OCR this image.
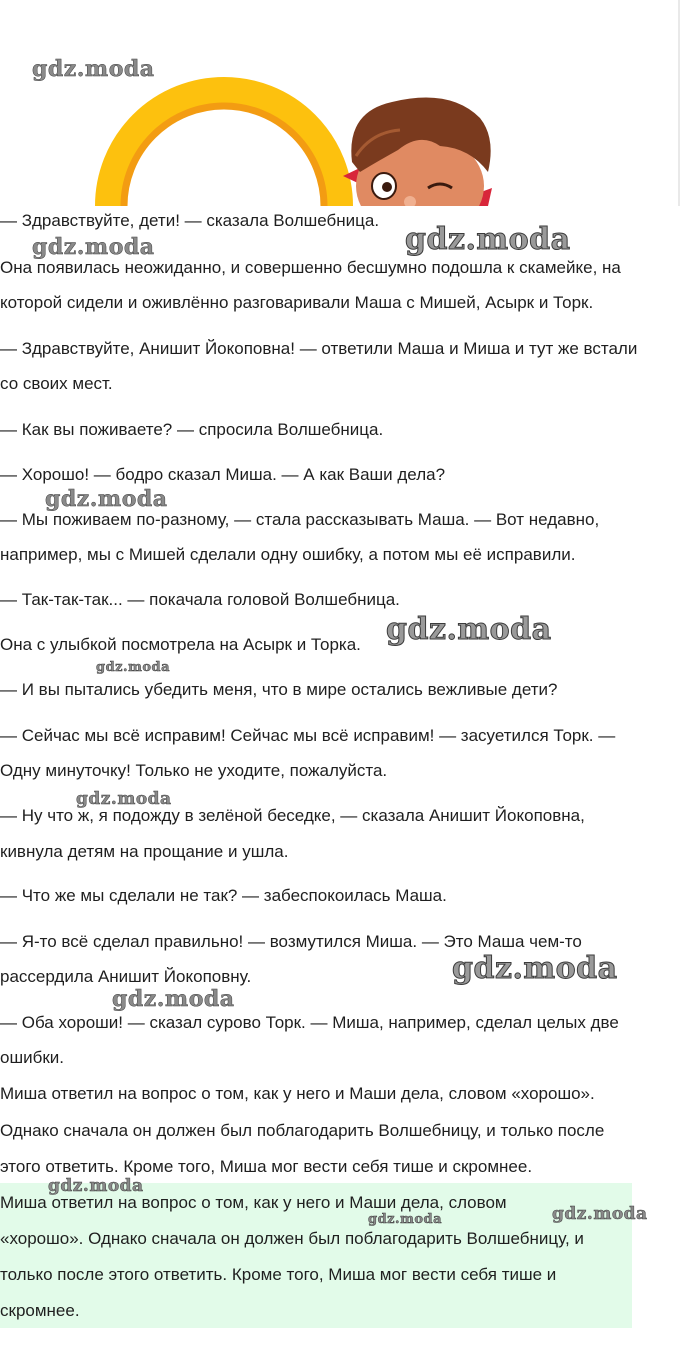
— Здравствуйте, дети! — сказала Волшебница.
Она появилась неожиданно, и совершенно бесшумно подошла к скамейке, на
которой сидели и оживлённо разговаривали Маша с Мишей, Асырк и Торк.
— Здравствуйте, Анишит Йокоповна! — ответили Маша и Миша и тут же встали
со своих мест.
— Как вы поживаете? — спросила Волшебница.
— Хорошо! — бодро сказал Миша. — А как Ваши дела?
— Мы поживаем по-разному, — стала рассказывать Маша. — Вот недавно,
например, мы с Мишей сделали одну ошибку, а потом мы её исправили.
— Так-так-так... — покачала головой Волшебница.
Она с улыбкой посмотрела на Асырк и Торка.
— И вы пытались убедить меня, что в мире остались вежливые дети?
— Сейчас мы всё исправим! Сейчас мы всё исправим! — засуетился Торк. —
Одну минуточку! Только не уходите, пожалуйста.
— Ну что ж, я подожду в зелёной беседке, — сказала Анишит Йокоповна,
кивнула детям на прощание и ушла.
— Что же мы сделали не так? — забеспокоилась Маша.
— Я-то всё сделал правильно! — возмутился Миша. — Это Маша чем-то
рассердила Анишит Йокоповну.
— Оба хороши! — сказал сурово Торк. — Миша, например, сделал целых две
ошибки.
Миша ответил на вопрос о том, как у него и Маши дела, словом «хорошо».
Однако сначала он должен был поблагодарить Волшебницу, и только после
этого ответить. Кроме того, Миша мог вести себя тише и скромнее.
Миша ответил на вопрос о том, как у него и Маши дела, словом
«хорошо». Однако сначала он должен был поблагодарить Волшебницу, и
только после этого ответить. Кроме того, Миша мог вести себя тише и
скромнее.
gdz.moda
gdz.moda	gdz.moda
gdz.moda
gdz.moda
gdz.moda
gdz.moda
gdz.moda
gdz.moda
gdz.moda
gdz.moda	gdz.moda
